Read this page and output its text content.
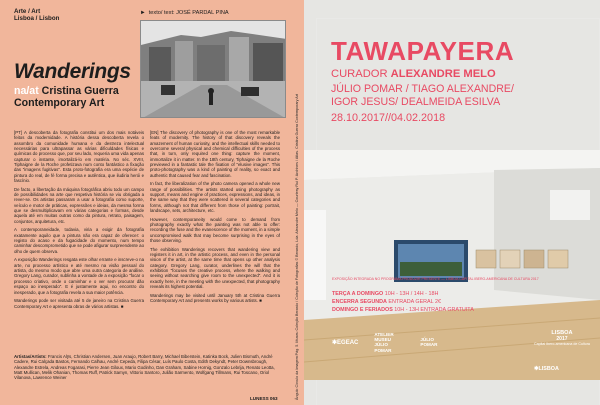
Arte / Art
Lisboa / Lisbon
► texto/ text: JOSÉ PARDAL PINA
Wanderings
na/at Cristina Guerra
Contemporary Art

[PT] A descoberta da fotografia constitui um dos mais notáveis feitos da modernidade. A história dessa descoberta revela o assombro da comunidade humana e da destreza intelectual necessárias para ultrapassar as várias dificuldades físicas e químicas do processo que, por seu lado, requeria uma vida apenas capturar o instante, imortalizá-lo em matéria. No séc. XVIII, Tiphaigne de la Roche profetizava num conto fantástico a fixação das "imagens fugitivas". Esta proto-fotografia era uma espécie de pintura do real, de fé forma precisa e autêntica, que iludiria herói e fascínio.

De facto, a libertação da máquina fotográfica abriu todo um campo de possibilidades na arte que respetiva história se viu obrigada a rever-se. Os artistas passaram a usar a fotografia como suporte, veículo e motor de práticas, expressões e ideias, da mesma forma que se desmultiplicavam em várias categorias e formas, desde aquela até em muitas outras como da pintura, retrato, paisagem, conjuntos, arquitetura, etc.

A contemporaneidade, todavia, viria a exigir da fotografia exatamente aquilo que a pintura não era capaz de oferecer: o registo do acaso e da fugacidade do momento, num tempo caminhar descomprometido que se pode afigurar surpreendente ao olho de quem observa.

A exposição Wanderings resgata este olhar errante e inscreve-o na arte, no processo artístico e até mesmo na visão pessoal do artista, do mesmo modo que abre uma outra categoria de análise. Gregory Lang, curador, sublinha a vontade de a exposição "focar o processo criativo, onde o caminhar e o ver sem procurar dão espaço ao inesperado". E é justamente aqui, no encontro do inesperado, que a fotografia revela a sua maior potência.

Wanderings pode ser visitada até 5 de janeiro na Cristina Guerra Contemporary Art e apresenta obras de vários artistas. ■

[EN] The discovery of photography is one of the most remarkable feats of modernity. The history of that discovery reveals the amazement of human curiosity, and the intellectual skills needed to overcome several physical and chemical difficulties of the process that, in turn, only required one thing: capture the moment, immortalize it in matter. In the 18th century, Tiphaigne de la Roche previewed in a fantastic tale the fixation of "elusive images". This proto-photography was a kind of painting of reality, so exact and authentic that caused fear and fascination.

In fact, the liberalization of the photo camera opened a whole new range of possibilities. The artists started using photography as support, means and engine of practices, expressions, and ideas, in the same way that they were scattered in several categories and forms, although not that different from those of painting: portrait, landscape, sets, architecture, etc.

However, contemporaneity would come to demand from photography exactly what the painting was not able to offer: recording the fuse and the evanescence of the moment, in a simple uncompromised walk that may become surprising in the eyes of those observing.

The exhibition Wanderings recovers that wandering view and registers it in art, in the artistic process, and even in the personal vision of the artist, at the same time that opens up other analysis category. Gregory Lang, curator, underlines the will that the exhibition "focuses the creative process, where the walking and seeing without searching give room to the unexpected". And it is exactly here, in the meeting with the unexpected, that photography reveals its highest potential.

Wanderings may be visited until January 5th at Cristina Guerra Contemporary Art and presents works by various artists. ■

Artistas/Artists: Francis Alÿs, Christian Andersen, Juan Araujo, Robert Barry, Michael Biberstein, Katinka Bock, Julien Bismuth, André Cadere, Rui Calçada Bastos, Fernando Calhau, André Cepeda, Filipa César, Luís Paulo Costa, Edith Dekyndt, Peter Downsbrough, Alexandre Estrela, Andreas Fogarasi, Pierre Jean Giloux, Mario Godinho, Dan Graham, Sabine Hornig, Gonzalo Lebrija, Renato Leotta, Matt Mullican, Melik Ohanian, Thomas Ruff, Patrick Samyn, Vittorio Santoro, Julião Sarmento, Wolfgang Tillmans, Rui Toscano, Oriol Vilanova, Lawrence Weiner
LUNESS 063	Ângulo Círculo da Imagem Pág. 5. Museu Coleção Berardo / Coleção de Fotografias © Berardo, Lda. Alexandre Melo — Courtesy Rui P. Archives / Atlas. Cristina Guerra Contemporary Art
TAWAPAYERA
CURADOR ALEXANDRE MELO
JÚLIO POMAR / TIAGO ALEXANDRE/
IGOR JESUS/ DEALMEIDA ESILVA
28.10.2017//04.02.2018
EXPOSIÇÃO INTEGRADA NO PROGRAMA PRODUZIR PRESENTE — LISBOA CAPITAL IBERO-AMERICANA DE CULTURA 2017
TERÇA A DOMINGO 10H - 13H / 14H - 18H
ENCERRA SEGUNDA ENTRADA GERAL 2€
DOMINGO E FERIADOS 10H - 13H ENTRADA GRATUITA
✱EGEAC
ATELIER MUSEU JÚLIO POMAR
JÚLIO POMAR
LISBOA
2017
Capital Ibero-americana de Cultura
✱LISBOA
